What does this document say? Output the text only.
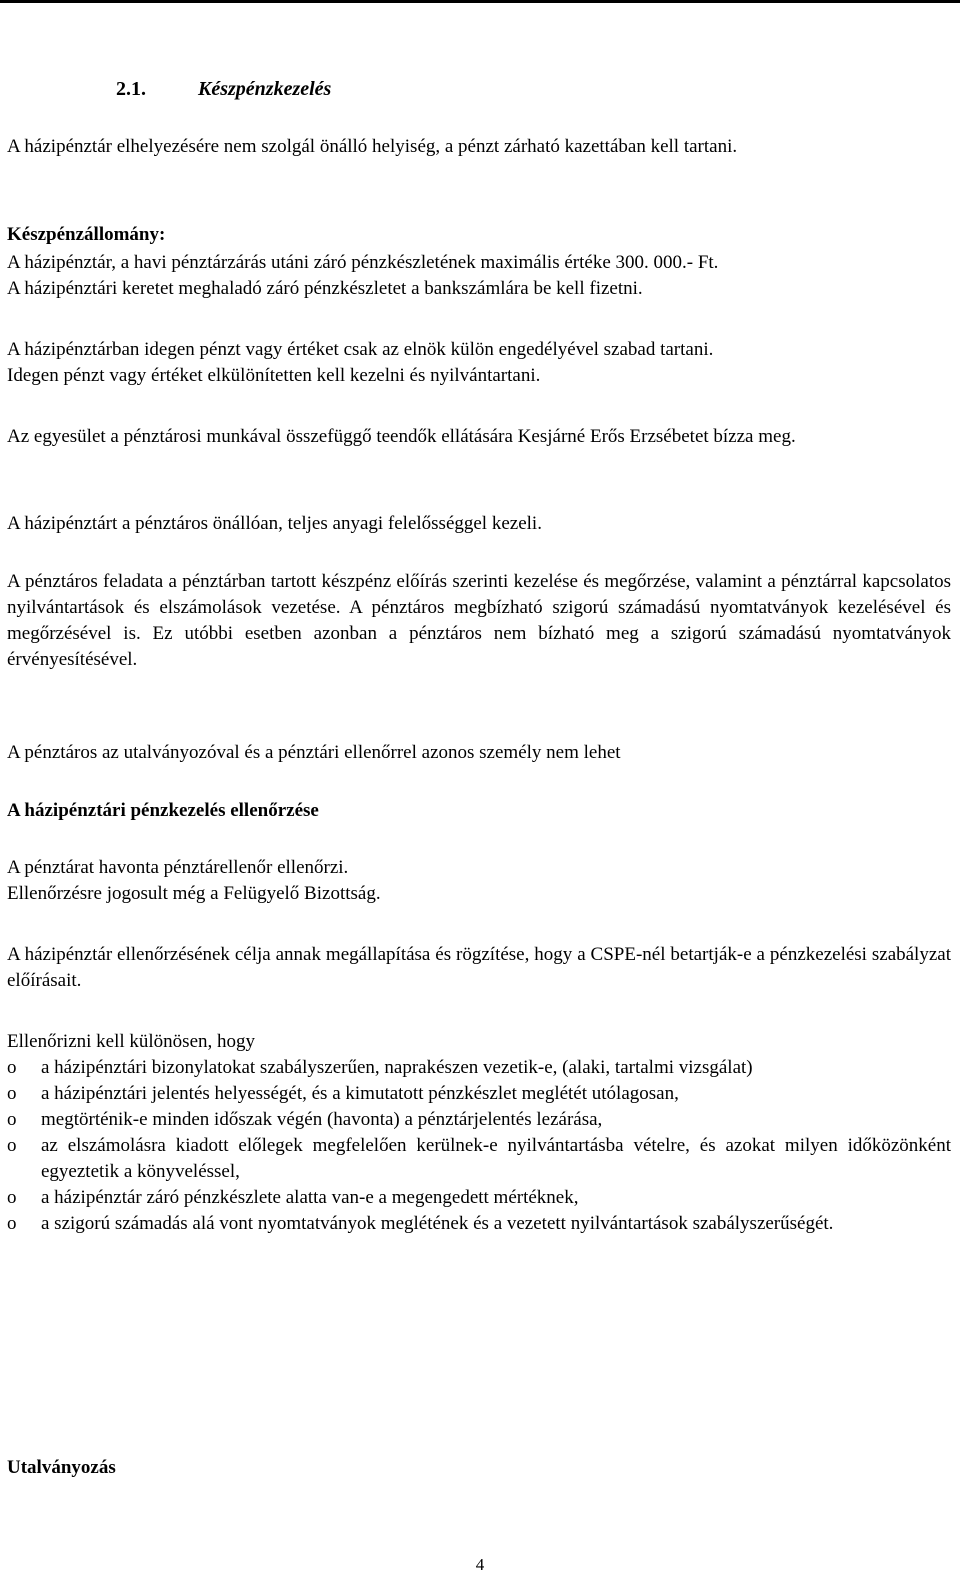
2.1.	Készpénzkezelés
A házipénztár elhelyezésére nem szolgál önálló helyiség, a pénzt zárható kazettában kell tartani.
Készpénzállomány:
A házipénztár, a havi pénztárzárás utáni záró pénzkészletének maximális értéke 300. 000.- Ft.
A házipénztári keretet meghaladó záró pénzkészletet a bankszámlára be kell fizetni.
A házipénztárban idegen pénzt vagy értéket csak az elnök külön engedélyével szabad tartani.
Idegen pénzt vagy értéket elkülönítetten kell kezelni és nyilvántartani.
Az egyesület a pénztárosi munkával összefüggő teendők ellátására Kesjárné Erős Erzsébetet bízza meg.
A házipénztárt a pénztáros önállóan, teljes anyagi felelősséggel kezeli.
A pénztáros feladata a pénztárban tartott készpénz előírás szerinti kezelése és megőrzése, valamint a pénztárral kapcsolatos nyilvántartások és elszámolások vezetése. A pénztáros megbízható szigorú számadású nyomtatványok kezelésével és megőrzésével is. Ez utóbbi esetben azonban a pénztáros nem bízható meg a szigorú számadású nyomtatványok érvényesítésével.
A pénztáros az utalványozóval és a pénztári ellenőrrel azonos személy nem lehet
A házipénztári pénzkezelés ellenőrzése
A pénztárat havonta pénztárellenőr ellenőrzi.
Ellenőrzésre jogosult még a Felügyelő Bizottság.
A házipénztár ellenőrzésének célja annak megállapítása és rögzítése, hogy a CSPE-nél betartják-e a pénzkezelési szabályzat előírásait.
Ellenőrizni kell különösen, hogy
o a házipénztári bizonylatokat szabályszerűen, naprakészen vezetik-e, (alaki, tartalmi vizsgálat)
o a házipénztári jelentés helyességét, és a kimutatott pénzkészlet meglétét utólagosan,
o megtörténik-e minden időszak végén (havonta) a pénztárjelentés lezárása,
o az elszámolásra kiadott előlegek megfelelően kerülnek-e nyilvántartásba vételre, és azokat milyen időközönként egyeztetik a könyveléssel,
o a házipénztár záró pénzkészlete alatta van-e a megengedett mértéknek,
o a szigorú számadás alá vont nyomtatványok meglétének és a vezetett nyilvántartások szabályszerűségét.
Utalványozás
4
